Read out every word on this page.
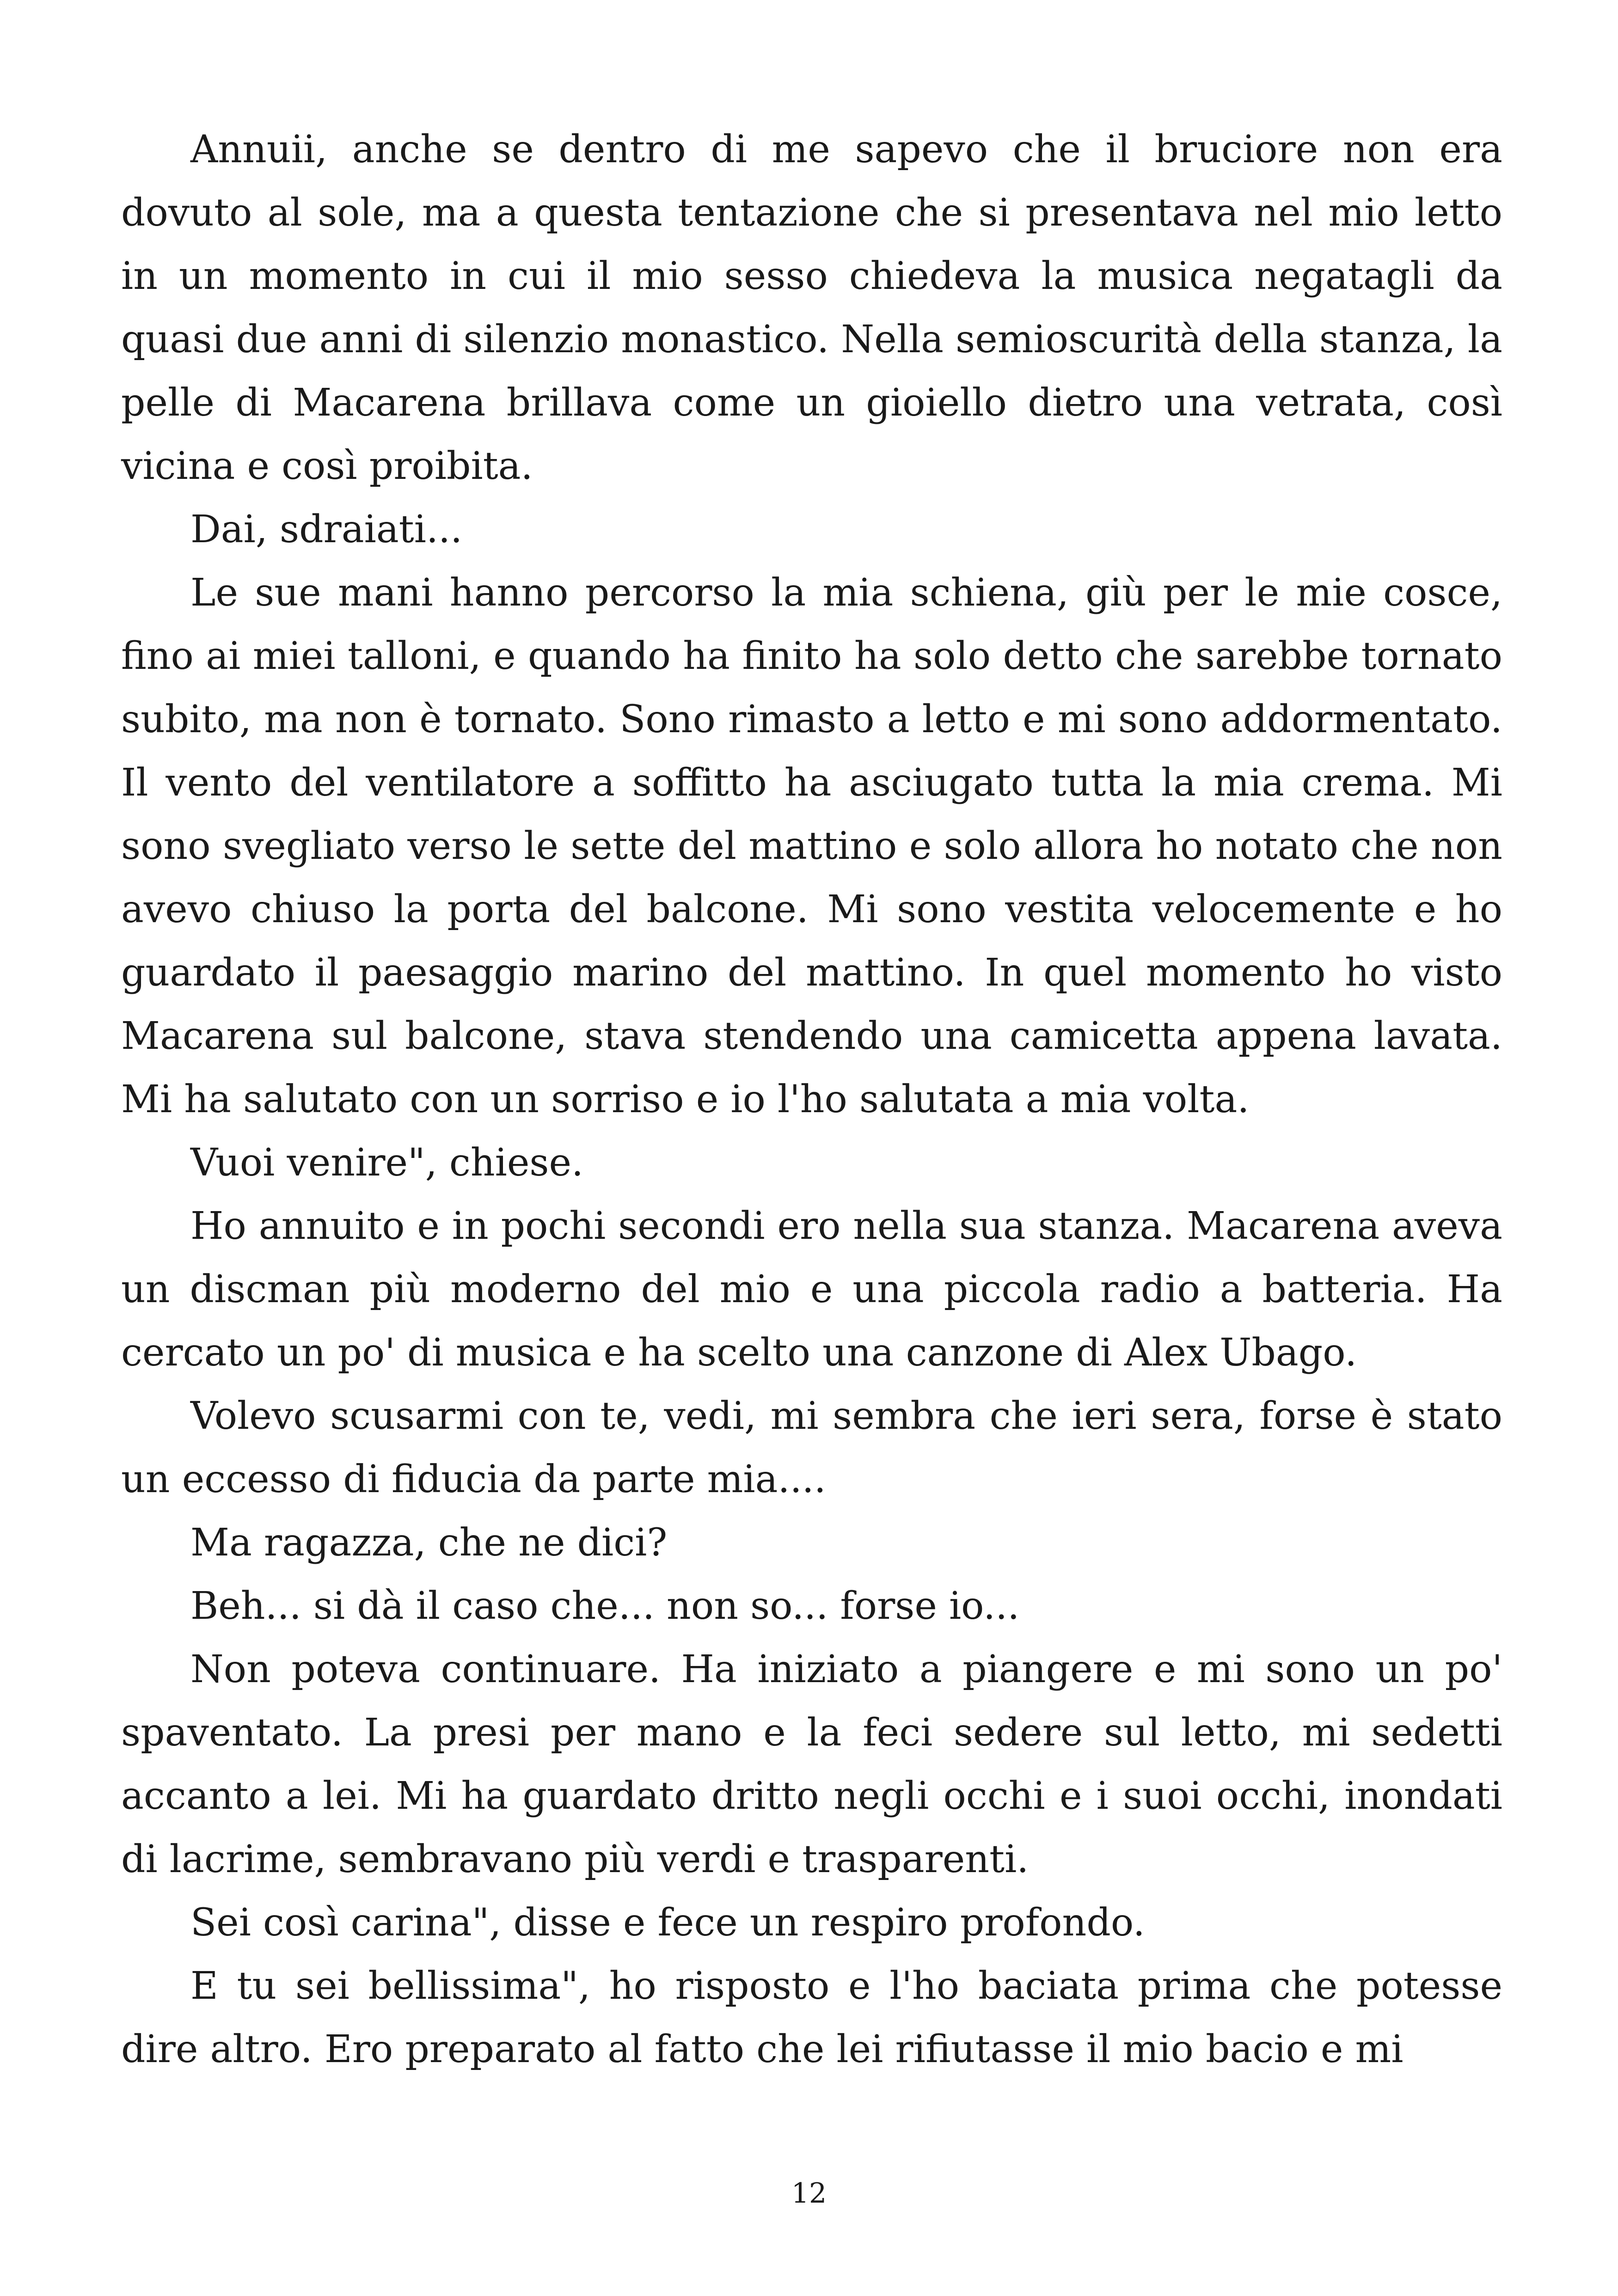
Annuii, anche se dentro di me sapevo che il bruciore non era dovuto al sole, ma a questa tentazione che si presentava nel mio letto in un momento in cui il mio sesso chiedeva la musica negatagli da quasi due anni di silenzio monastico. Nella semioscurità della stanza, la pelle di Macarena brillava come un gioiello dietro una vetrata, così vicina e così proibita.

Dai, sdraiati...

Le sue mani hanno percorso la mia schiena, giù per le mie cosce, fino ai miei talloni, e quando ha finito ha solo detto che sarebbe tornato subito, ma non è tornato. Sono rimasto a letto e mi sono addormentato. Il vento del ventilatore a soffitto ha asciugato tutta la mia crema. Mi sono svegliato verso le sette del mattino e solo allora ho notato che non avevo chiuso la porta del balcone. Mi sono vestita velocemente e ho guardato il paesaggio marino del mattino. In quel momento ho visto Macarena sul balcone, stava stendendo una camicetta appena lavata. Mi ha salutato con un sorriso e io l'ho salutata a mia volta.

Vuoi venire", chiese.

Ho annuito e in pochi secondi ero nella sua stanza. Macarena aveva un discman più moderno del mio e una piccola radio a batteria. Ha cercato un po' di musica e ha scelto una canzone di Alex Ubago.

Volevo scusarmi con te, vedi, mi sembra che ieri sera, forse è stato un eccesso di fiducia da parte mia....

Ma ragazza, che ne dici?

Beh... si dà il caso che... non so... forse io...

Non poteva continuare. Ha iniziato a piangere e mi sono un po' spaventato. La presi per mano e la feci sedere sul letto, mi sedetti accanto a lei. Mi ha guardato dritto negli occhi e i suoi occhi, inondati di lacrime, sembravano più verdi e trasparenti.

Sei così carina", disse e fece un respiro profondo.

E tu sei bellissima", ho risposto e l'ho baciata prima che potesse dire altro. Ero preparato al fatto che lei rifiutasse il mio bacio e mi

12
